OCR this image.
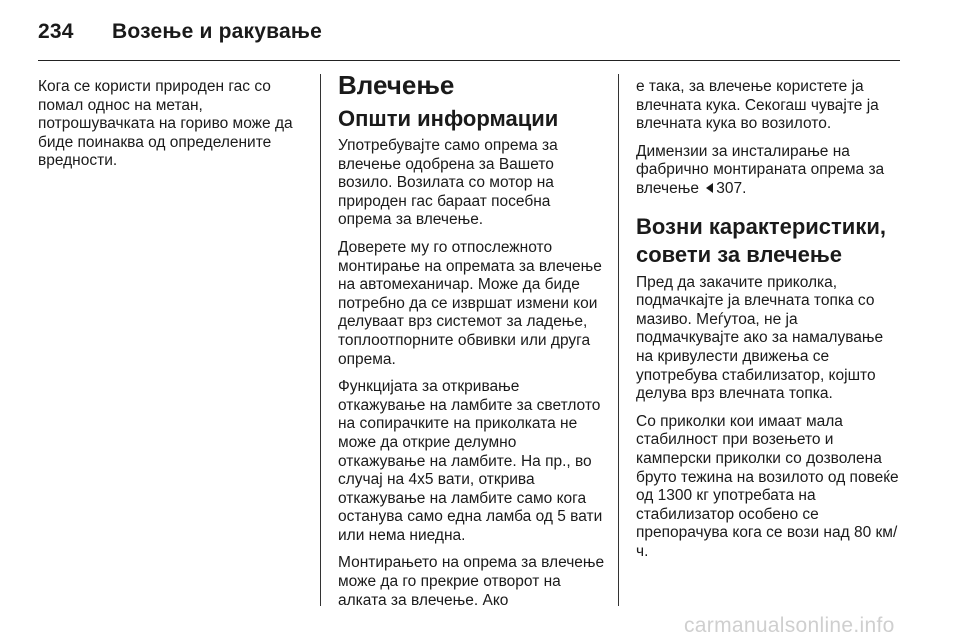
234 Возење и ракување

Кога се користи природен гас со помал однос на метан, потрошувачката на гориво може да биде поинаква од определените вредности.

Влечење
Општи информации

Употребувајте само опрема за влечење одобрена за Вашето возило. Возилата со мотор на природен гас бараат посебна опрема за влечење.

Доверете му го отпослежното монтирање на опремата за влечење на автомеханичар. Може да биде потребно да се извршат измени кои делуваат врз системот за ладење, топлоотпорните обвивки или друга опрема.

Функцијата за откривање откажување на ламбите за светлото на сопирачките на приколката не може да открие делумно откажување на ламбите. На пр., во случај на 4x5 вати, открива откажување на ламбите само кога останува само една ламба од 5 вати или нема ниедна.

Монтирањето на опрема за влечење може да го прекрие отворот на алката за влечење. Ако

е така, за влечење користете ја влечната кука. Секогаш чувајте ја влечната кука во возилото.

Димензии за инсталирање на фабрично монтираната опрема за влечење 307.

Возни карактеристики, совети за влечење

Пред да закачите приколка, подмачкајте ја влечната топка со мазиво. Меѓутоа, не ја подмачкувајте ако за намалување на кривулести движења се употребува стабилизатор, којшто делува врз влечната топка.

Со приколки кои имаат мала стабилност при возењето и камперски приколки со дозволена бруто тежина на возилото од повеќе од 1300 кг употребата на стабилизатор особено се препорачува кога се вози над 80 км/ч.

carmanualsonline.info
